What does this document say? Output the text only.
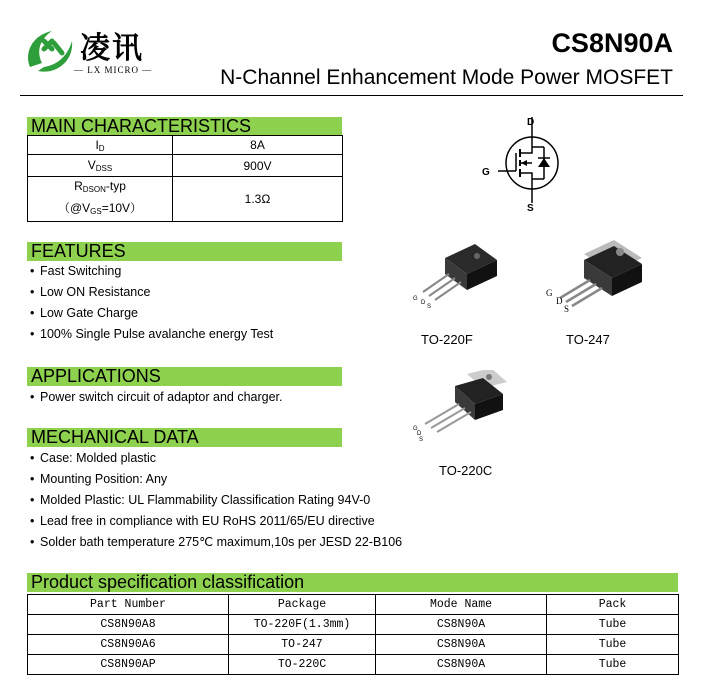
凌讯
— LX MICRO —
CS8N90A
N-Channel Enhancement Mode Power MOSFET
MAIN CHARACTERISTICS
$I_D$	8A
$V_{DSS}$	900V
$R_{DSON}$-typ
$(@V_{GS}=10V)$	1.3Ω
D
G
S
FEATURES
• Fast Switching
• Low ON Resistance
• Low Gate Charge
• 100% Single Pulse avalanche energy Test
G
D
S
TO-220F
G
D
S
TO-247
G
D
S
TO-220C
APPLICATIONS
• Power switch circuit of adaptor and charger.
MECHANICAL DATA
• Case: Molded plastic
• Mounting Position: Any
• Molded Plastic: UL Flammability Classification Rating 94V-0
• Lead free in compliance with EU RoHS 2011/65/EU directive
• Solder bath temperature 275℃ maximum,10s per JESD 22-B106
Product specification classification
Part Number	Package	Mode Name	Pack
CS8N90A8	TO-220F(1.3mm)	CS8N90A	Tube
CS8N90A6	TO-247	CS8N90A	Tube
CS8N90AP	TO-220C	CS8N90A	Tube
